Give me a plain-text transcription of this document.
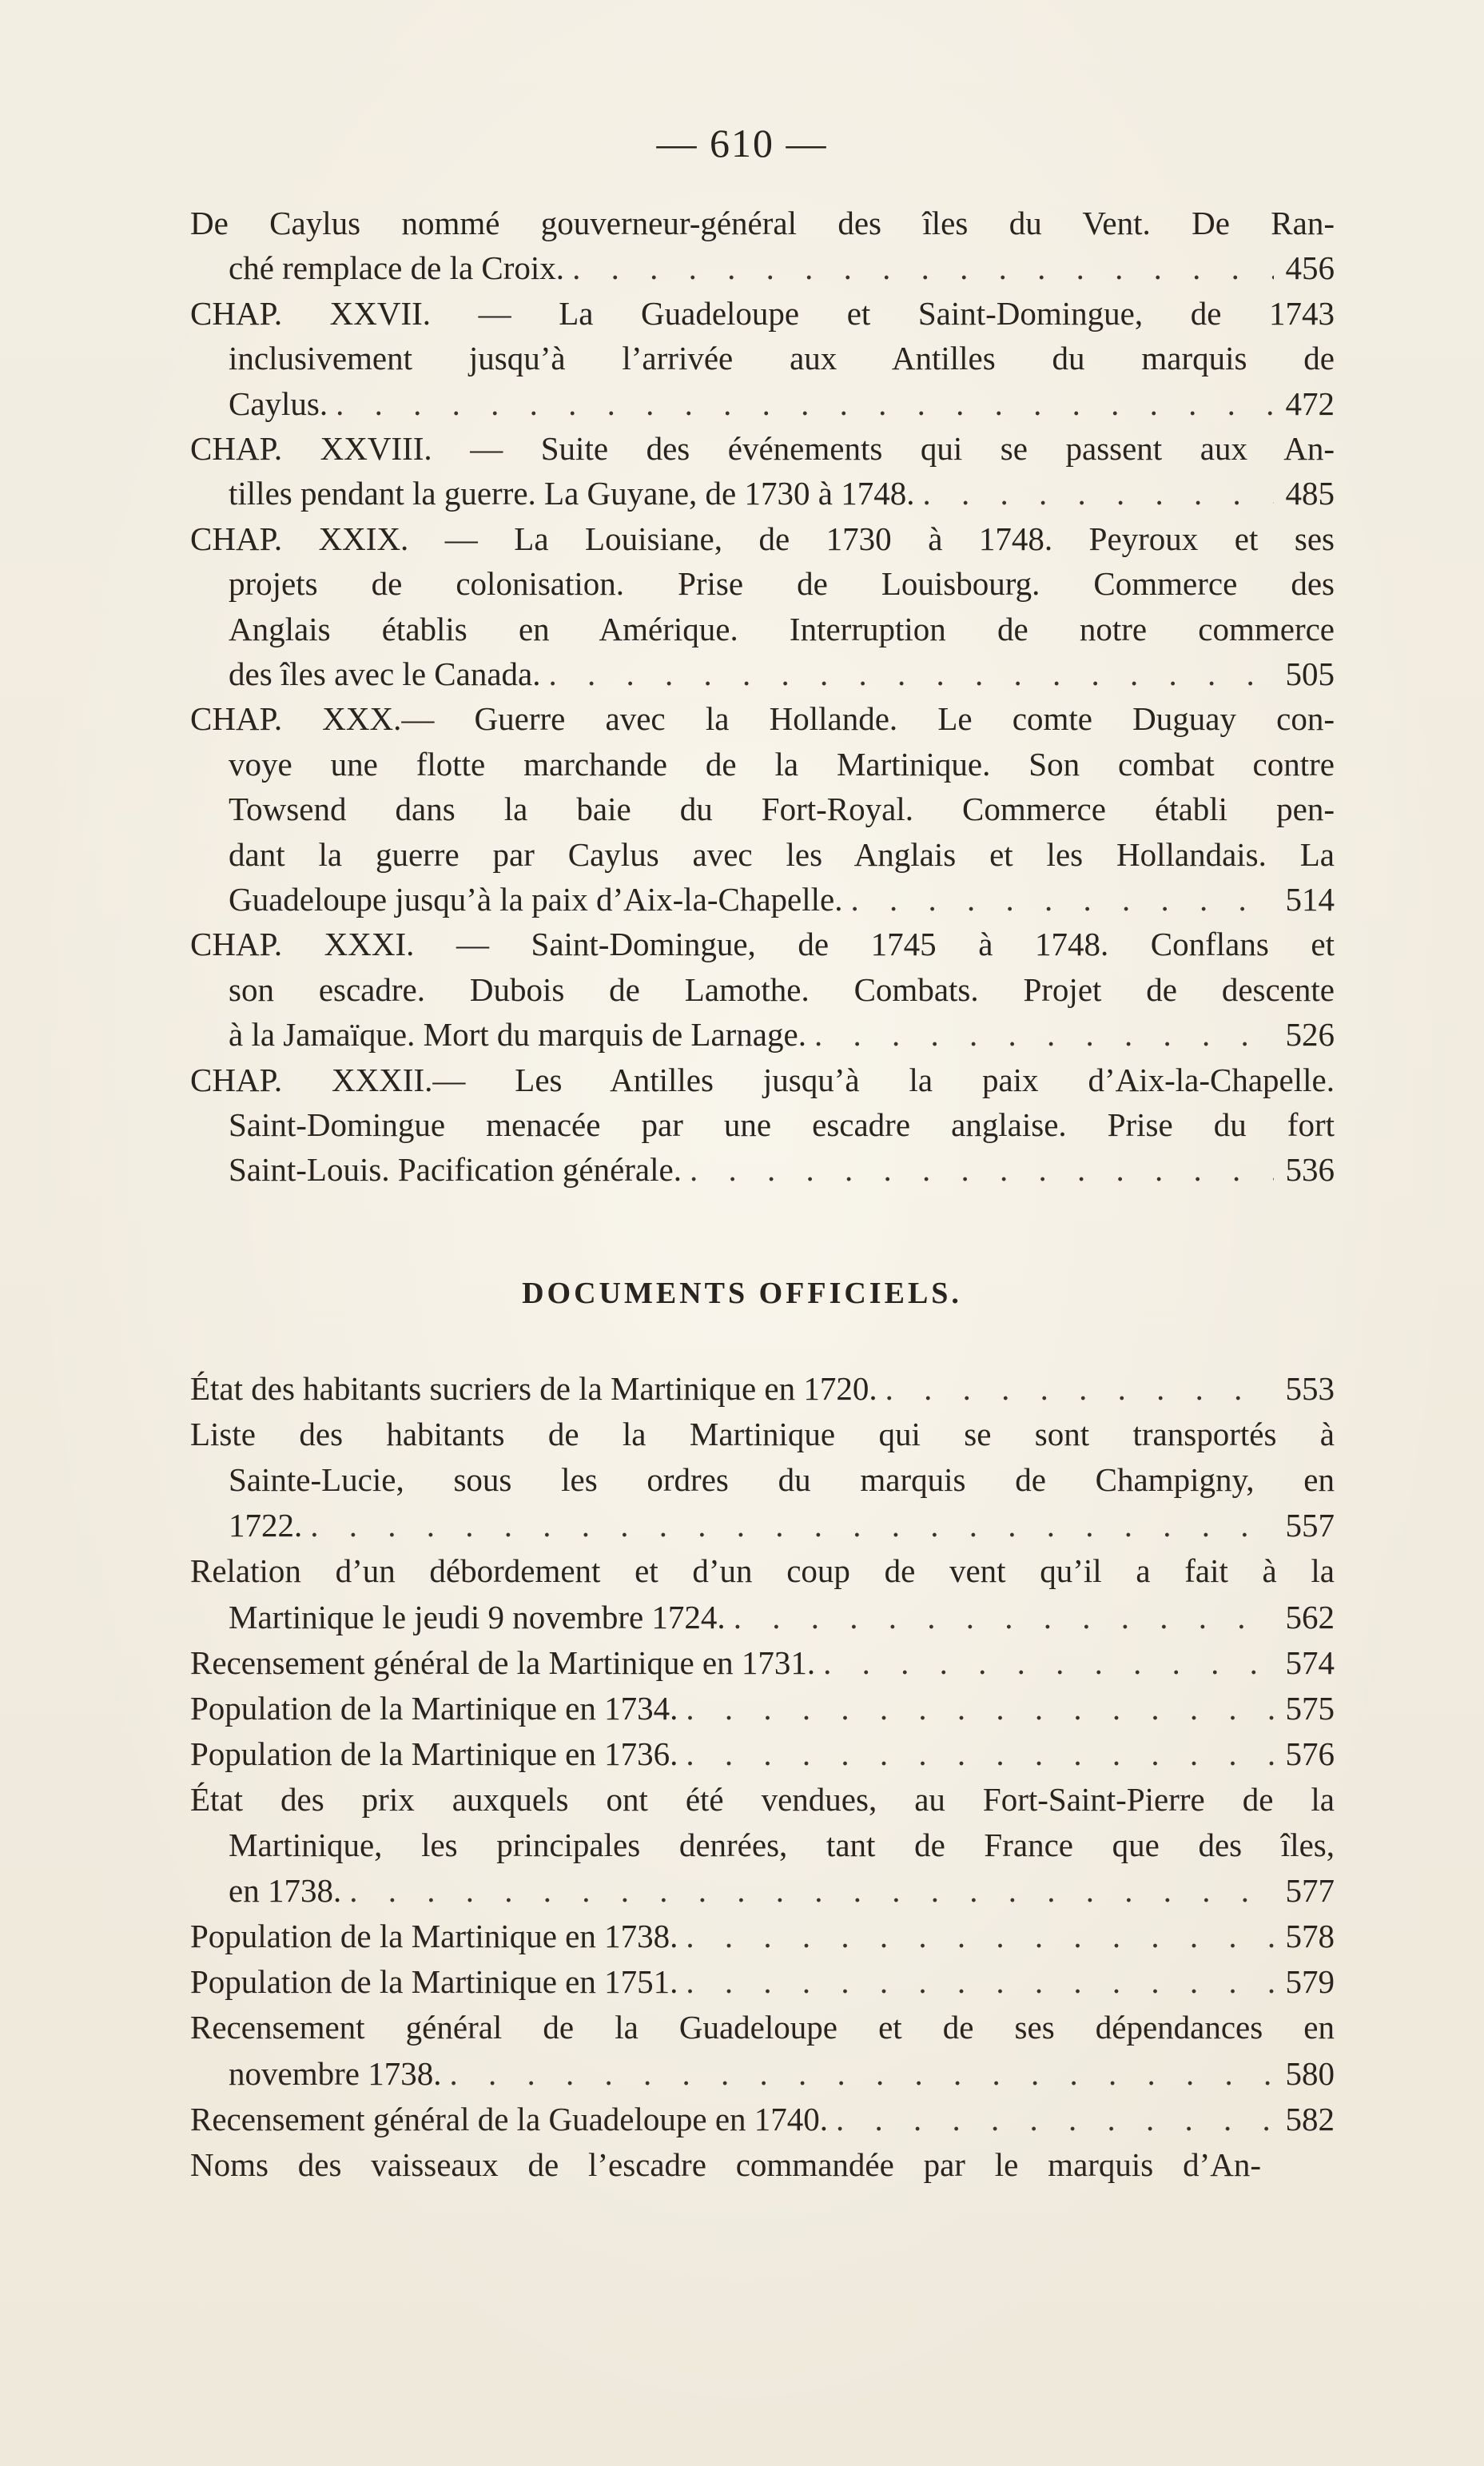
— 610 —
De Caylus nommé gouverneur-général des îles du Vent. De Ran-
ché remplace de la Croix. . . .	456
CHAP. XXVII. — La Guadeloupe et Saint-Domingue, de 1743
inclusivement jusqu’à l’arrivée aux Antilles du marquis de
Caylus. . . .	472
CHAP. XXVIII. — Suite des événements qui se passent aux An-
tilles pendant la guerre. La Guyane, de 1730 à 1748. . . .	485
CHAP. XXIX. — La Louisiane, de 1730 à 1748. Peyroux et ses
projets de colonisation. Prise de Louisbourg. Commerce des
Anglais établis en Amérique. Interruption de notre commerce
des îles avec le Canada. . . .	505
CHAP. XXX.— Guerre avec la Hollande. Le comte Duguay con-
voye une flotte marchande de la Martinique. Son combat contre
Towsend dans la baie du Fort-Royal. Commerce établi pen-
dant la guerre par Caylus avec les Anglais et les Hollandais. La
Guadeloupe jusqu’à la paix d’Aix-la-Chapelle. . . .	514
CHAP. XXXI. — Saint-Domingue, de 1745 à 1748. Conflans et
son escadre. Dubois de Lamothe. Combats. Projet de descente
à la Jamaïque. Mort du marquis de Larnage. . . .	526
CHAP. XXXII.— Les Antilles jusqu’à la paix d’Aix-la-Chapelle.
Saint-Domingue menacée par une escadre anglaise. Prise du fort
Saint-Louis. Pacification générale. . . .	536
DOCUMENTS OFFICIELS.
État des habitants sucriers de la Martinique en 1720. . . .	553
Liste des habitants de la Martinique qui se sont transportés à
Sainte-Lucie, sous les ordres du marquis de Champigny, en
1722. . . .	557
Relation d’un débordement et d’un coup de vent qu’il a fait à la
Martinique le jeudi 9 novembre 1724. . . .	562
Recensement général de la Martinique en 1731. . . .	574
Population de la Martinique en 1734. . . .	575
Population de la Martinique en 1736. . . .	576
État des prix auxquels ont été vendues, au Fort-Saint-Pierre de la
Martinique, les principales denrées, tant de France que des îles,
en 1738. . . .	577
Population de la Martinique en 1738. . . .	578
Population de la Martinique en 1751. . . .	579
Recensement général de la Guadeloupe et de ses dépendances en
novembre 1738. . . .	580
Recensement général de la Guadeloupe en 1740. . . .	582
Noms des vaisseaux de l’escadre commandée par le marquis d’An-
